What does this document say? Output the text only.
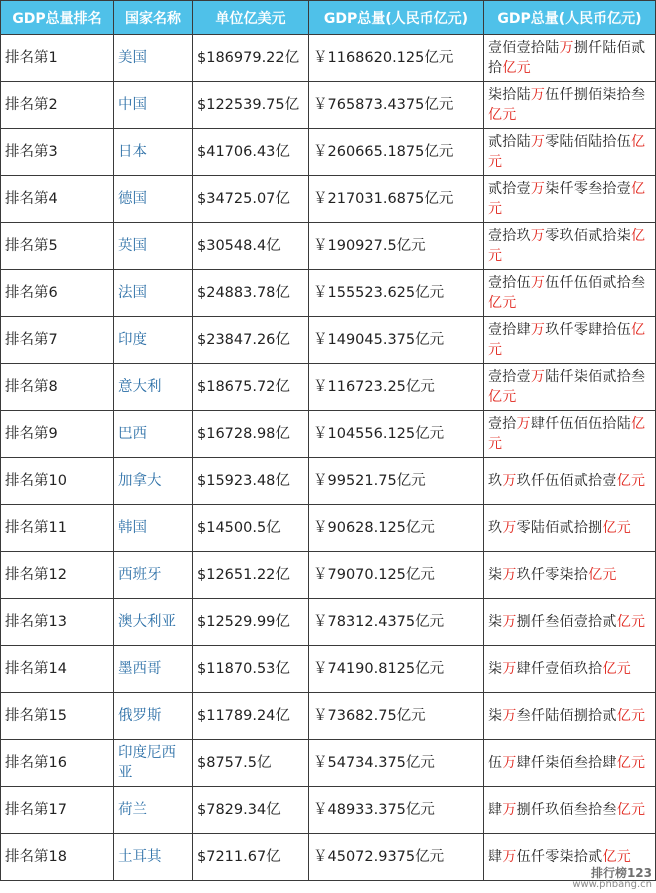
GDP总量排名	国家名称	单位亿美元	GDP总量(人民币亿元)	GDP总量(人民币亿元)
排名第1	美国	$186979.22亿	￥1168620.125亿元	壹佰壹拾陆万捌仟陆佰贰拾亿元
排名第2	中国	$122539.75亿	￥765873.4375亿元	柒拾陆万伍仟捌佰柒拾叁亿元
排名第3	日本	$41706.43亿	￥260665.1875亿元	贰拾陆万零陆佰陆拾伍亿元
排名第4	德国	$34725.07亿	￥217031.6875亿元	贰拾壹万柒仟零叁拾壹亿元
排名第5	英国	$30548.4亿	￥190927.5亿元	壹拾玖万零玖佰贰拾柒亿元
排名第6	法国	$24883.78亿	￥155523.625亿元	壹拾伍万伍仟伍佰贰拾叁亿元
排名第7	印度	$23847.26亿	￥149045.375亿元	壹拾肆万玖仟零肆拾伍亿元
排名第8	意大利	$18675.72亿	￥116723.25亿元	壹拾壹万陆仟柒佰贰拾叁亿元
排名第9	巴西	$16728.98亿	￥104556.125亿元	壹拾万肆仟伍佰伍拾陆亿元
排名第10	加拿大	$15923.48亿	￥99521.75亿元	玖万玖仟伍佰贰拾壹亿元
排名第11	韩国	$14500.5亿	￥90628.125亿元	玖万零陆佰贰拾捌亿元
排名第12	西班牙	$12651.22亿	￥79070.125亿元	柒万玖仟零柒拾亿元
排名第13	澳大利亚	$12529.99亿	￥78312.4375亿元	柒万捌仟叁佰壹拾贰亿元
排名第14	墨西哥	$11870.53亿	￥74190.8125亿元	柒万肆仟壹佰玖拾亿元
排名第15	俄罗斯	$11789.24亿	￥73682.75亿元	柒万叁仟陆佰捌拾贰亿元
排名第16	印度尼西亚	$8757.5亿	￥54734.375亿元	伍万肆仟柒佰叁拾肆亿元
排名第17	荷兰	$7829.34亿	￥48933.375亿元	肆万捌仟玖佰叁拾叁亿元
排名第18	土耳其	$7211.67亿	￥45072.9375亿元	肆万伍仟零柒拾贰亿元
排行榜123
www.phbang.cn
